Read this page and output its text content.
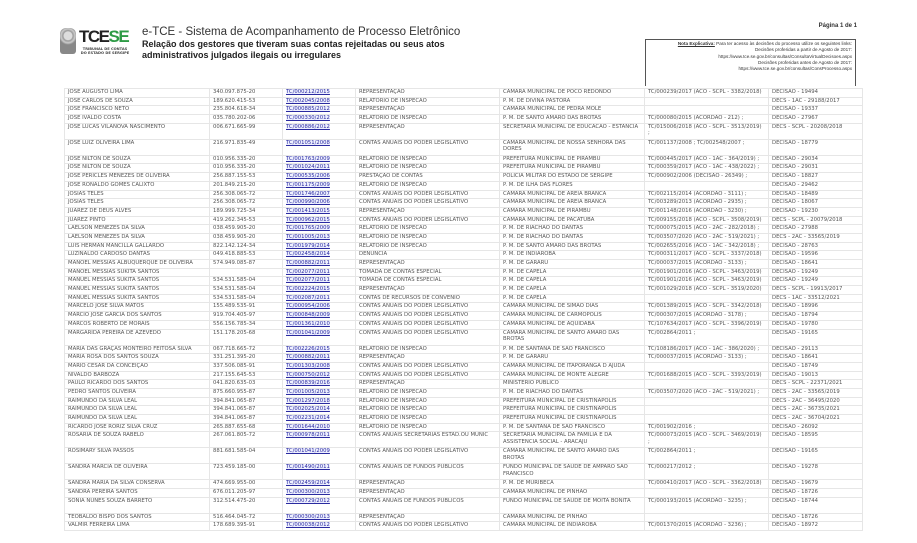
TCESE
TRIBUNAL DE CONTAS
DO ESTADO DE SERGIPE
e-TCE - Sistema de Acompanhamento de Processo Eletrônico
Relação dos gestores que tiveram suas contas rejeitadas ou seus atos
administrativos julgados ilegais ou irregulares
Página 1 de 1
Nota Explicativa: Para ter acesso às decisões do processo utilize os seguintes links:
Decisões proferidas a partir de Agosto de 2017:
https://www.tce.se.gov.br/consultas/ConsultaVirtualDecisoes.aspx
Decisões proferidas antes de Agosto de 2017:
https://www.tce.se.gov.br/consultas/ConsProcesso.aspx
JOSÉ AUGUSTO LIMA	340.097.875-20	TC/000212/2015	REPRESENTAÇÃO	CAMARA MUNICIPAL DE POCO REDONDO	TC/000239/2017 (ACO - SCPL - 3382/2018)	DECISAO - 19494
JOSÉ CARLOS DE SOUZA	189.620.415-53	TC/002045/2008	RELATORIO DE INSPECAO	P. M. DE DIVINA PASTORA		DECS - 1AC - 29188/2017
JOSÉ FRANCISCO NETO	235.804.618-34	TC/000885/2012	REPRESENTAÇÃO	CAMARA MUNICIPAL DE PEDRA MOLE		DECISAO - 19337
JOSÉ IVALDO COSTA	035.780.202-06	TC/000330/2012	RELATORIO DE INSPECAO	P. M. DE SANTO AMARO DAS BROTAS	TC/000080/2015 (ACORDAO - 212) ;	DECISAO - 27967
JOSE LUCAS VILANOVA NASCIMENTO	006.671.665-99	TC/000886/2012	REPRESENTAÇÃO	SECRETARIA MUNICIPAL DE EDUCACAO - ESTANCIA	TC/015006/2018 (ACO - SCPL - 3513/2019) ;	DECS - SCPL - 20208/2018
JOSÉ LUIZ OLIVEIRA LIMA	216.971.835-49	TC/001051/2008	CONTAS ANUAIS DO PODER LEGISLATIVO	CAMARA MUNICIPAL DE NOSSA SENHORA DAS DORES	TC/001137/2008 ; TC/002548/2007 ;	DECISAO - 18779
JOSE NILTON DE SOUZA	010.956.335-20	TC/001763/2009	RELATORIO DE INSPECAO	PREFEITURA MUNICIPAL DE PIRAMBU	TC/000445/2017 (ACO - 1AC - 364/2019) ;	DECISAO - 29034
JOSE NILTON DE SOUZA	010.956.335-20	TC/001024/2011	RELATORIO DE INSPECAO	PREFEITURA MUNICIPAL DE PIRAMBU	TC/000359/2017 (ACO - 1AC - 438/2022) ;	DECISAO - 29031
JOSÉ PÉRICLES MENEZES DE OLIVEIRA	256.887.155-53	TC/000535/2006	PRESTAÇÃO DE CONTAS	POLICIA MILITAR DO ESTADO DE SERGIPE	TC/000902/2006 (DECISAO - 26349) ;	DECISAO - 18827
JOSÉ RONALDO GOMES CALIXTO	201.849.215-20	TC/001175/2009	RELATORIO DE INSPECAO	P. M. DE ILHA DAS FLORES		DECISAO - 29462
JOSIAS TELES	256.308.065-72	TC/001746/2007	CONTAS ANUAIS DO PODER LEGISLATIVO	CAMARA MUNICIPAL DE AREIA BRANCA	TC/002115/2014 (ACORDAO - 3111) ;	DECISAO - 18489
JOSIAS TELES	256.308.065-72	TC/000990/2006	CONTAS ANUAIS DO PODER LEGISLATIVO	CAMARA MUNICIPAL DE AREIA BRANCA	TC/003289/2013 (ACORDAO - 2935) ;	DECISAO - 18067
JUAREZ DE DEUS ALVES	189.999.725-34	TC/001413/2015	REPRESENTAÇÃO	CAMARA MUNICIPAL DE PIRAMBU	TC/001148/2016 (ACORDAO - 3230) ;	DECISAO - 19230
JUAREZ PINTO	419.262.345-53	TC/000962/2015	CONTAS ANUAIS DO PODER LEGISLATIVO	CAMARA MUNICIPAL DE PACATUBA	TC/009155/2018 (ACO - SCPL - 3508/2019)	DECS - SCPL - 20079/2018
LAELSON MENEZES DA SILVA	038.459.905-20	TC/001765/2009	RELATORIO DE INSPECAO	P. M. DE RIACHAO DO DANTAS	TC/000075/2015 (ACO - 2AC - 282/2018) ;	DECISAO - 27988
LAELSON MENEZES DA SILVA	038.459.905-20	TC/001005/2013	RELATORIO DE INSPECAO	P. M. DE RIACHAO DO DANTAS	TC/003507/2020 (ACO - 2AC - 519/2021) ;	DECS - 2AC - 33565/2019
LUÍS HERMAN MANCILLA GALLARDO	822.142.124-34	TC/001979/2014	RELATORIO DE INSPECAO	P. M. DE SANTO AMARO DAS BROTAS	TC/002655/2016 (ACO - 1AC - 342/2018) ;	DECISAO - 28763
LUZINALDO CARDOSO DANTAS	049.418.885-53	TC/002458/2014	DENUNCIA	P. M. DE INDIAROBA	TC/000311/2017 (ACO - SCPL - 3337/2018)	DECISAO - 19596
MANOEL MESSIAS ALBUQUERQUE DE OLIVEIRA	574.949.085-87	TC/000882/2011	REPRESENTAÇÃO	P. M. DE GARARU	TC/000037/2015 (ACORDAO - 3133) ;	DECISAO - 18641
MANOEL MESSIAS SUKITA SANTOS		TC/002077/2011	TOMADA DE CONTAS ESPECIAL	P. M. DE CAPELA	TC/001901/2016 (ACO - SCPL - 3463/2019)	DECISAO - 19249
MANUEL MESSIAS SUKITA SANTOS	534.531.585-04	TC/002077/2011	TOMADA DE CONTAS ESPECIAL	P. M. DE CAPELA	TC/001901/2016 (ACO - SCPL - 3463/2019)	DECISAO - 19249
MANUEL MESSIAS SUKITA SANTOS	534.531.585-04	TC/002224/2015	REPRESENTAÇÃO	P. M. DE CAPELA	TC/001029/2018 (ACO - SCPL - 3519/2020)	DECS - SCPL - 19913/2017
MANUEL MESSIAS SUKITA SANTOS	534.531.585-04	TC/002087/2011	CONTAS DE RECURSOS DE CONVENIO	P. M. DE CAPELA		DECS - 1AC - 33512/2021
MARCELO JOSÉ SILVA MATOS	155.489.535-91	TC/000954/2006	CONTAS ANUAIS DO PODER LEGISLATIVO	CAMARA MUNICIPAL DE SIMAO DIAS	TC/001389/2015 (ACO - SCPL - 3342/2018)	DECISAO - 18996
MÁRCIO JOSÉ GARCIA DOS SANTOS	919.704.405-97	TC/000848/2009	CONTAS ANUAIS DO PODER LEGISLATIVO	CAMARA MUNICIPAL DE CARMOPOLIS	TC/000307/2015 (ACORDAO - 3178) ;	DECISAO - 18794
MARCOS ROBERTO DE MORAIS	556.156.785-34	TC/001361/2010	CONTAS ANUAIS DO PODER LEGISLATIVO	CAMARA MUNICIPAL DE AQUIDABA	TC/107634/2017 (ACO - SCPL - 3396/2019)	DECISAO - 19780
MARGARIDA PEREIRA DE AZEVEDO	151.178.205-68	TC/001041/2009	CONTAS ANUAIS DO PODER LEGISLATIVO	CAMARA MUNICIPAL DE SANTO AMARO DAS BROTAS	TC/002864/2011 ;	DECISAO - 19165
MARIA DAS GRAÇAS MONTEIRO FEITOSA SILVA	067.718.665-72	TC/002226/2015	RELATORIO DE INSPECAO	P. M. DE SANTANA DE SAO FRANCISCO	TC/108186/2017 (ACO - 1AC - 386/2020) ;	DECISAO - 29113
MARIA ROSA DOS SANTOS SOUZA	331.251.395-20	TC/000882/2011	REPRESENTAÇÃO	P. M. DE GARARU	TC/000037/2015 (ACORDAO - 3133) ;	DECISAO - 18641
MARIO CESAR DA CONCEIÇÃO	337.506.085-91	TC/001303/2008	CONTAS ANUAIS DO PODER LEGISLATIVO	CAMARA MUNICIPAL DE ITAPORANGA D AJUDA		DECISAO - 18749
NIVALDO BARBOZA	217.155.645-53	TC/000750/2012	CONTAS ANUAIS DO PODER LEGISLATIVO	CAMARA MUNICIPAL DE MONTE ALEGRE	TC/001688/2015 (ACO - SCPL - 3393/2019)	DECISAO - 19013
PAULO RICARDO DOS SANTOS	041.820.635-03	TC/000839/2016	REPRESENTAÇÃO	MINISTERIO PUBLICO		DECS - SCPL - 22371/2021
PEDRO SANTOS OLIVEIRA	875.660.955-87	TC/001005/2013	RELATORIO DE INSPECAO	P. M. DE RIACHAO DO DANTAS	TC/003507/2020 (ACO - 2AC - 519/2021) ;	DECS - 2AC - 33565/2019
RAIMUNDO DA SILVA LEAL	394.841.065-87	TC/001297/2018	RELATORIO DE INSPECAO	PREFEITURA MUNICIPAL DE CRISTINAPOLIS		DECS - 2AC - 36495/2020
RAIMUNDO DA SILVA LEAL	394.841.065-87	TC/002025/2014	RELATORIO DE INSPECAO	PREFEITURA MUNICIPAL DE CRISTINAPOLIS		DECS - 2AC - 36735/2021
RAIMUNDO DA SILVA LEAL	394.841.065-87	TC/002231/2014	RELATORIO DE INSPECAO	PREFEITURA MUNICIPAL DE CRISTINAPOLIS		DECS - 2AC - 36704/2021
RICARDO JOSÉ RORIZ SILVA CRUZ	265.887.655-68	TC/001644/2010	RELATORIO DE INSPECAO	P. M. DE SANTANA DE SAO FRANCISCO	TC/001902/2016 ;	DECISAO - 26092
ROSÁRIA DE SOUZA RABELO	267.061.805-72	TC/000978/2011	CONTAS ANUAIS SECRETARIAS ESTAD.OU MUNIC	SECRETARIA MUNICIPAL DA FAMILIA E DA ASSISTENCIA SOCIAL - ARACAJU	TC/000073/2015 (ACO - SCPL - 3469/2019) ;	DECISAO - 18595
ROSIMARY SILVA PASSOS	881.681.585-04	TC/001041/2009	CONTAS ANUAIS DO PODER LEGISLATIVO	CAMARA MUNICIPAL DE SANTO AMARO DAS BROTAS	TC/002864/2011 ;	DECISAO - 19165
SANDRA MARCIA DE OLIVEIRA	723.459.185-00	TC/001490/2011	CONTAS ANUAIS DE FUNDOS PÚBLICOS	FUNDO MUNICIPAL DE SAUDE DE AMPARO SAO FRANCISCO	TC/000217/2012 ;	DECISAO - 19278
SANDRA MARIA DA SILVA CONSERVA	474.669.955-00	TC/002459/2014	REPRESENTAÇÃO	P. M. DE MURIBECA	TC/000410/2017 (ACO - SCPL - 3362/2018)	DECISAO - 19679
SANDRA PEREIRA SANTOS	676.011.205-97	TC/000300/2013	REPRESENTAÇÃO	CAMARA MUNICIPAL DE PINHAO		DECISAO - 18726
SÔNIA NUNES SOUZA BARRETO	312.514.475-20	TC/000729/2012	CONTAS ANUAIS DE FUNDOS PÚBLICOS	FUNDO MUNICIPAL DE SAUDE DE MOITA BONITA	TC/000193/2015 (ACORDAO - 3235) ;	DECISAO - 18744
TEOBALDO BISPO DOS SANTOS	516.464.045-72	TC/000300/2013	REPRESENTAÇÃO	CAMARA MUNICIPAL DE PINHAO		DECISAO - 18726
VALMIR FERREIRA LIMA	178.689.395-91	TC/000038/2012	CONTAS ANUAIS DO PODER LEGISLATIVO	CAMARA MUNICIPAL DE INDIAROBA	TC/001370/2015 (ACORDAO - 3236) ;	DECISAO - 18972
